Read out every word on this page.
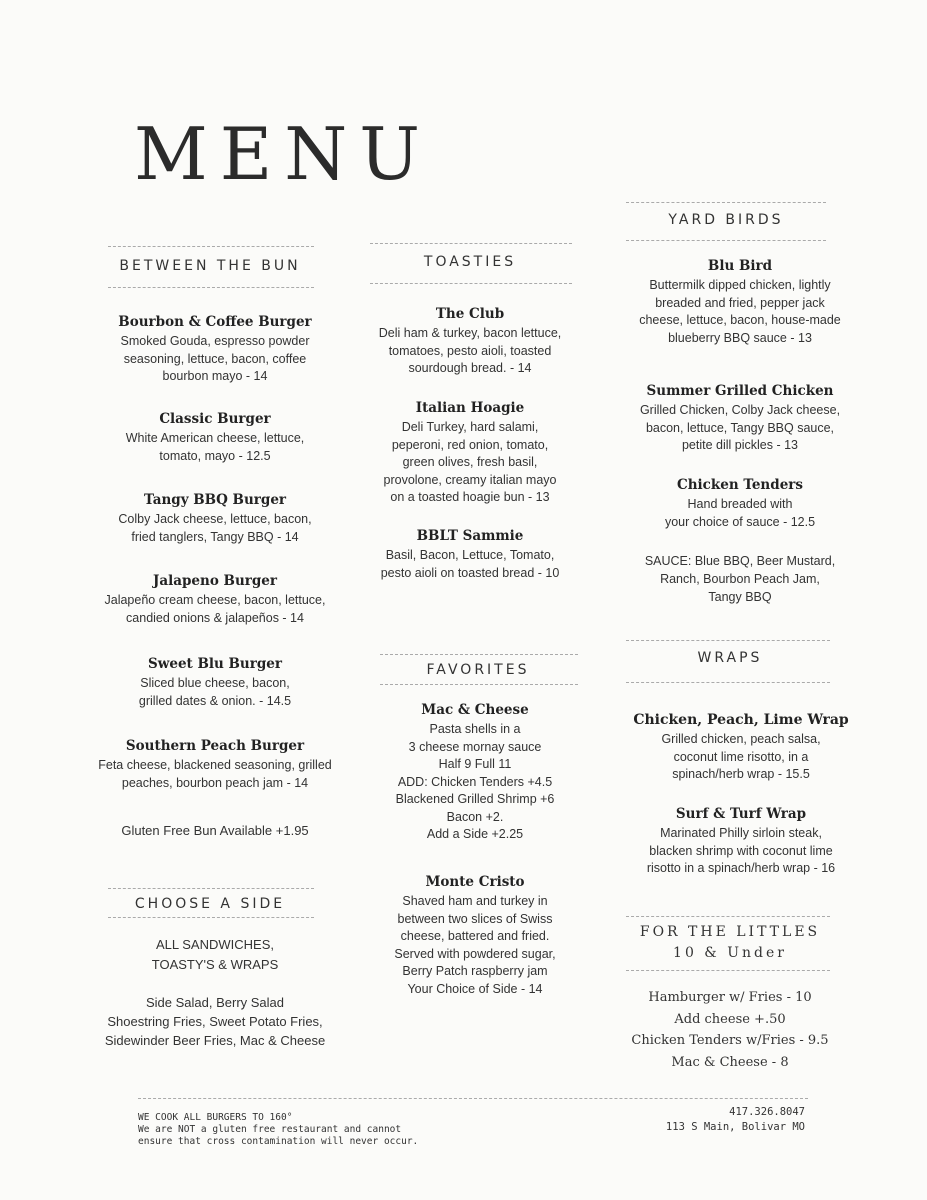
MENU
BETWEEN THE BUN
Bourbon & Coffee Burger
Smoked Gouda, espresso powder
seasoning, lettuce, bacon, coffee
bourbon mayo - 14
Classic Burger
White American cheese, lettuce,
tomato, mayo - 12.5
Tangy BBQ Burger
Colby Jack cheese, lettuce, bacon,
fried tanglers, Tangy BBQ - 14
Jalapeno Burger
Jalapeño cream cheese, bacon, lettuce,
candied onions & jalapeños - 14
Sweet Blu Burger
Sliced blue cheese, bacon,
grilled dates & onion. - 14.5
Southern Peach Burger
Feta cheese, blackened seasoning, grilled
peaches, bourbon peach jam - 14
Gluten Free Bun Available +1.95
CHOOSE A SIDE
ALL SANDWICHES,
TOASTY'S & WRAPS
Side Salad, Berry Salad
Shoestring Fries, Sweet Potato Fries,
Sidewinder Beer Fries, Mac & Cheese
TOASTIES
The Club
Deli ham & turkey, bacon lettuce,
tomatoes, pesto aioli, toasted
sourdough bread. - 14
Italian Hoagie
Deli Turkey, hard salami,
peperoni, red onion, tomato,
green olives, fresh basil,
provolone, creamy italian mayo
on a toasted hoagie bun - 13
BBLT Sammie
Basil, Bacon, Lettuce, Tomato,
pesto aioli on toasted bread - 10
FAVORITES
Mac & Cheese
Pasta shells in a
3 cheese mornay sauce
Half 9 Full 11
ADD: Chicken Tenders +4.5
Blackened Grilled Shrimp +6
Bacon +2.
Add a Side +2.25
Monte Cristo
Shaved ham and turkey in
between two slices of Swiss
cheese, battered and fried.
Served with powdered sugar,
Berry Patch raspberry jam
Your Choice of Side - 14
YARD BIRDS
Blu Bird
Buttermilk dipped chicken, lightly
breaded and fried, pepper jack
cheese, lettuce, bacon, house-made
blueberry BBQ sauce - 13
Summer Grilled Chicken
Grilled Chicken, Colby Jack cheese,
bacon, lettuce, Tangy BBQ sauce,
petite dill pickles - 13
Chicken Tenders
Hand breaded with
your choice of sauce - 12.5
SAUCE: Blue BBQ, Beer Mustard,
Ranch, Bourbon Peach Jam,
Tangy BBQ
WRAPS
Chicken, Peach, Lime Wrap
Grilled chicken, peach salsa,
coconut lime risotto, in a
spinach/herb wrap - 15.5
Surf & Turf Wrap
Marinated Philly sirloin steak,
blacken shrimp with coconut lime
risotto in a spinach/herb wrap - 16
FOR THE LITTLES
10 & Under
Hamburger w/ Fries - 10
Add cheese +.50
Chicken Tenders w/Fries - 9.5
Mac & Cheese - 8
WE COOK ALL BURGERS TO 160°
We are NOT a gluten free restaurant and cannot
ensure that cross contamination will never occur.
417.326.8047
113 S Main, Bolivar MO
